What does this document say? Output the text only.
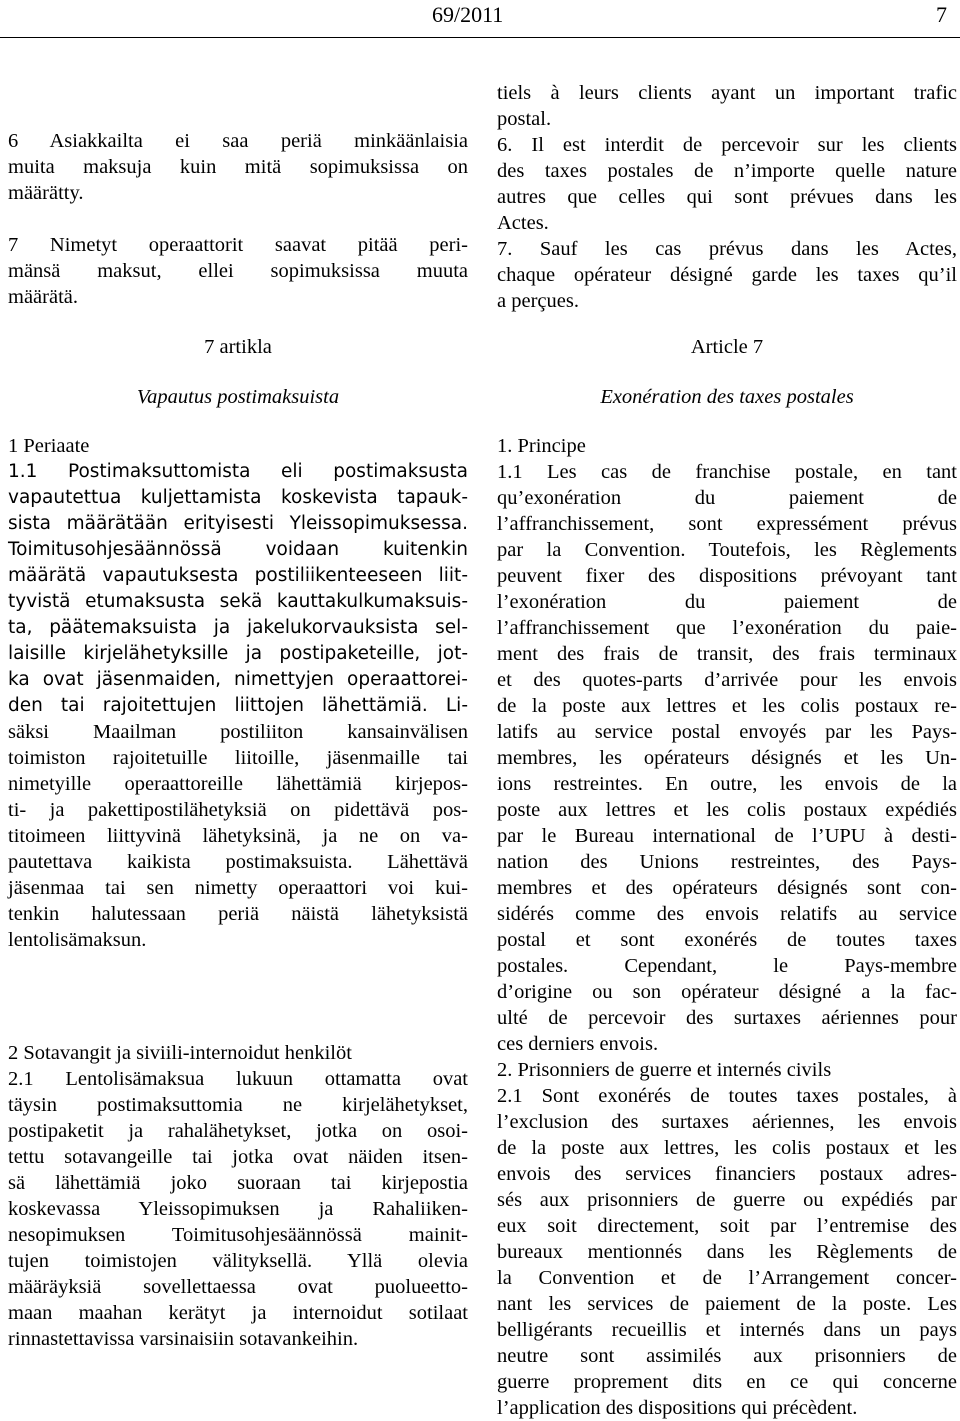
69/2011	7
6 Asiakkailta ei saa periä minkäänlaisia
muita maksuja kuin mitä sopimuksissa on
määrätty.
7 Nimetyt operaattorit saavat pitää peri-
mänsä maksut, ellei sopimuksissa muuta
määrätä.
7 artikla
Vapautus postimaksuista
1 Periaate
1.1 Postimaksuttomista eli postimaksusta
vapautettua kuljettamista koskevista tapauk-
sista määrätään erityisesti Yleissopimuksessa.
Toimitusohjesäännössä voidaan kuitenkin
määrätä vapautuksesta postiliikenteeseen liit-
tyvistä etumaksusta sekä kauttakulkumaksuis-
ta, päätemaksuista ja jakelukorvauksista sel-
laisille kirjelähetyksille ja postipaketeille, jot-
ka ovat jäsenmaiden, nimettyjen operaattorei-
den tai rajoitettujen liittojen lähettämiä. Li-
säksi Maailman postiliiton kansainvälisen
toimiston rajoitetuille liitoille, jäsenmaille tai
nimetyille operaattoreille lähettämiä kirjepos-
ti- ja pakettipostilähetyksiä on pidettävä pos-
titoimeen liittyvinä lähetyksinä, ja ne on va-
pautettava kaikista postimaksuista. Lähettävä
jäsenmaa tai sen nimetty operaattori voi kui-
tenkin halutessaan periä näistä lähetyksistä
lentolisämaksun.
2 Sotavangit ja siviili-internoidut henkilöt
2.1 Lentolisämaksua lukuun ottamatta ovat
täysin postimaksuttomia ne kirjelähetykset,
postipaketit ja rahalähetykset, jotka on osoi-
tettu sotavangeille tai jotka ovat näiden itsen-
sä lähettämiä joko suoraan tai kirjepostia
koskevassa Yleissopimuksen ja Rahaliiken-
nesopimuksen Toimitusohjesäännössä mainit-
tujen toimistojen välityksellä. Yllä olevia
määräyksiä sovellettaessa ovat puolueetto-
maan maahan kerätyt ja internoidut sotilaat
rinnastettavissa varsinaisiin sotavankeihin.
tiels à leurs clients ayant un important trafic
postal.
6. Il est interdit de percevoir sur les clients
des taxes postales de n’importe quelle nature
autres que celles qui sont prévues dans les
Actes.
7. Sauf les cas prévus dans les Actes,
chaque opérateur désigné garde les taxes qu’il
a perçues.
Article 7
Exonération des taxes postales
1. Principe
1.1 Les cas de franchise postale, en tant
qu’exonération du paiement de
l’affranchissement, sont expressément prévus
par la Convention. Toutefois, les Règlements
peuvent fixer des dispositions prévoyant tant
l’exonération du paiement de
l’affranchissement que l’exonération du paie-
ment des frais de transit, des frais terminaux
et des quotes-parts d’arrivée pour les envois
de la poste aux lettres et les colis postaux re-
latifs au service postal envoyés par les Pays-
membres, les opérateurs désignés et les Un-
ions restreintes. En outre, les envois de la
poste aux lettres et les colis postaux expédiés
par le Bureau international de l’UPU à desti-
nation des Unions restreintes, des Pays-
membres et des opérateurs désignés sont con-
sidérés comme des envois relatifs au service
postal et sont exonérés de toutes taxes
postales. Cependant, le Pays-membre
d’origine ou son opérateur désigné a la fac-
ulté de percevoir des surtaxes aériennes pour
ces derniers envois.
2. Prisonniers de guerre et internés civils
2.1 Sont exonérés de toutes taxes postales, à
l’exclusion des surtaxes aériennes, les envois
de la poste aux lettres, les colis postaux et les
envois des services financiers postaux adres-
sés aux prisonniers de guerre ou expédiés par
eux soit directement, soit par l’entremise des
bureaux mentionnés dans les Règlements de
la Convention et de l’Arrangement concer-
nant les services de paiement de la poste. Les
belligérants recueillis et internés dans un pays
neutre sont assimilés aux prisonniers de
guerre proprement dits en ce qui concerne
l’application des dispositions qui précèdent.
